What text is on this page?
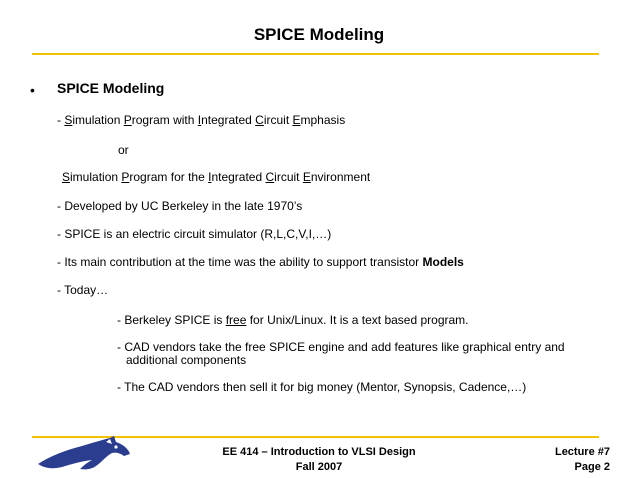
SPICE Modeling
• SPICE Modeling
- Simulation Program with Integrated Circuit Emphasis
or
Simulation Program for the Integrated Circuit Environment
- Developed by UC Berkeley in the late 1970’s
- SPICE is an electric circuit simulator (R,L,C,V,I,…)
- Its main contribution at the time was the ability to support transistor Models
- Today…
- Berkeley SPICE is free for Unix/Linux. It is a text based program.
- CAD vendors take the free SPICE engine and add features like graphical entry and
additional components
- The CAD vendors then sell it for big money (Mentor, Synopsis, Cadence,…)
EE 414 – Introduction to VLSI Design
Fall 2007
Lecture #7
Page 2
